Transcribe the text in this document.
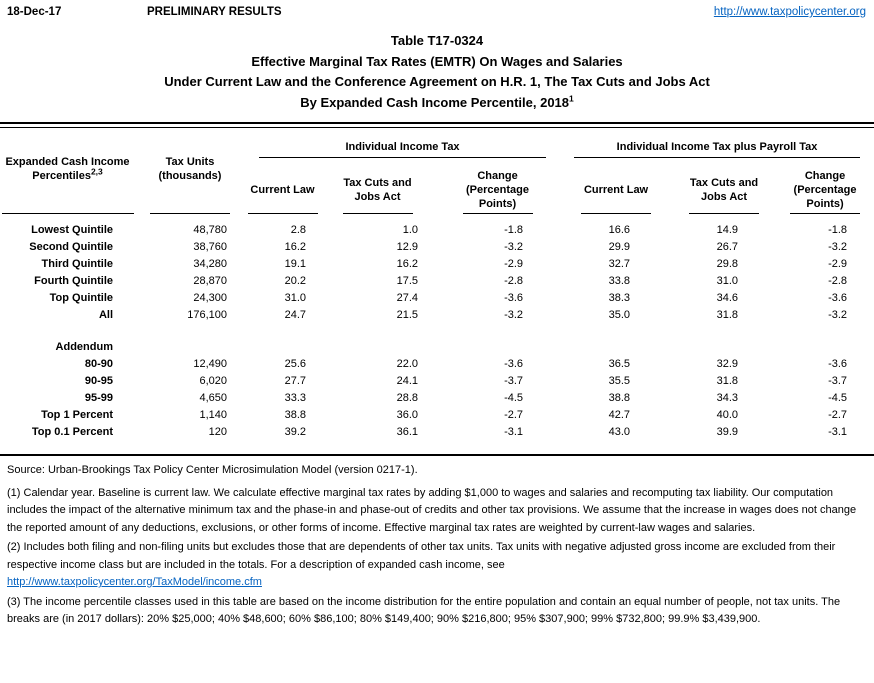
18-Dec-17	PRELIMINARY RESULTS	http://www.taxpolicycenter.org
Table T17-0324
Effective Marginal Tax Rates (EMTR) On Wages and Salaries
Under Current Law and the Conference Agreement on H.R. 1, The Tax Cuts and Jobs Act
By Expanded Cash Income Percentile, 2018$^1$
Expanded Cash Income
Percentiles$^{2,3}$	Tax Units
(thousands)	Individual Income Tax			Individual Income Tax plus Payroll Tax		

		Current Law	Tax Cuts and Jobs Act	Change (Percentage Points)	Current Law	Tax Cuts and Jobs Act	Change (Percentage Points)
Lowest Quintile	48,780	2.8	1.0	-1.8	16.6	14.9	-1.8
Second Quintile	38,760	16.2	12.9	-3.2	29.9	26.7	-3.2
Third Quintile	34,280	19.1	16.2	-2.9	32.7	29.8	-2.9
Fourth Quintile	28,870	20.2	17.5	-2.8	33.8	31.0	-2.8
Top Quintile	24,300	31.0	27.4	-3.6	38.3	34.6	-3.6
All	176,100	24.7	21.5	-3.2	35.0	31.8	-3.2

Addendum							
80-90	12,490	25.6	22.0	-3.6	36.5	32.9	-3.6
90-95	6,020	27.7	24.1	-3.7	35.5	31.8	-3.7
95-99	4,650	33.3	28.8	-4.5	38.8	34.3	-4.5
Top 1 Percent	1,140	38.8	36.0	-2.7	42.7	40.0	-2.7
Top 0.1 Percent	120	39.2	36.1	-3.1	43.0	39.9	-3.1

Source: Urban-Brookings Tax Policy Center Microsimulation Model (version 0217-1).

(1) Calendar year. Baseline is current law. We calculate effective marginal tax rates by adding $1,000 to wages and salaries and recomputing tax liability. Our computation includes the impact of the alternative minimum tax and the phase-in and phase-out of credits and other tax provisions. We assume that the increase in wages does not change the reported amount of any deductions, exclusions, or other forms of income. Effective marginal tax rates are weighted by current-law wages and salaries.

(2) Includes both filing and non-filing units but excludes those that are dependents of other tax units. Tax units with negative adjusted gross income are excluded from their respective income class but are included in the totals. For a description of expanded cash income, see
http://www.taxpolicycenter.org/TaxModel/income.cfm

(3) The income percentile classes used in this table are based on the income distribution for the entire population and contain an equal number of people, not tax units. The breaks are (in 2017 dollars): 20% $25,000; 40% $48,600; 60% $86,100; 80% $149,400; 90% $216,800; 95% $307,900; 99% $732,800; 99.9% $3,439,900.
